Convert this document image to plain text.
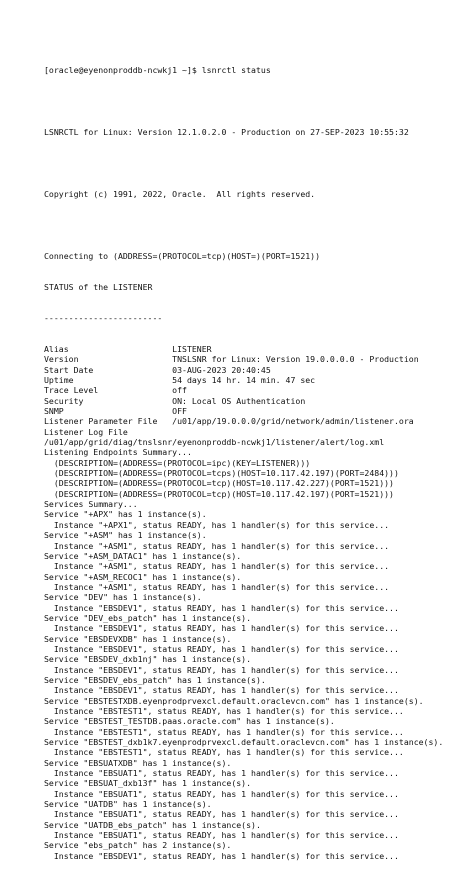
[oracle@eyenonproddb-ncwkj1 ~]$ lsnrctl status

LSNRCTL for Linux: Version 12.1.0.2.0 - Production on 27-SEP-2023 10:55:32

Copyright (c) 1991, 2022, Oracle.  All rights reserved.

Connecting to (ADDRESS=(PROTOCOL=tcp)(HOST=)(PORT=1521))

STATUS of the LISTENER

------------------------

Alias                     LISTENER
Version                   TNSLSNR for Linux: Version 19.0.0.0.0 - Production
Start Date                03-AUG-2023 20:40:45
Uptime                    54 days 14 hr. 14 min. 47 sec
Trace Level               off
Security                  ON: Local OS Authentication
SNMP                      OFF
Listener Parameter File   /u01/app/19.0.0.0/grid/network/admin/listener.ora
Listener Log File
/u01/app/grid/diag/tnslsnr/eyenonproddb-ncwkj1/listener/alert/log.xml
Listening Endpoints Summary...
(DESCRIPTION=(ADDRESS=(PROTOCOL=ipc)(KEY=LISTENER)))
(DESCRIPTION=(ADDRESS=(PROTOCOL=tcps)(HOST=10.117.42.197)(PORT=2484)))
(DESCRIPTION=(ADDRESS=(PROTOCOL=tcp)(HOST=10.117.42.227)(PORT=1521)))
(DESCRIPTION=(ADDRESS=(PROTOCOL=tcp)(HOST=10.117.42.197)(PORT=1521)))
Services Summary...
Service "+APX" has 1 instance(s).
Instance "+APX1", status READY, has 1 handler(s) for this service...
Service "+ASM" has 1 instance(s).
Instance "+ASM1", status READY, has 1 handler(s) for this service...
Service "+ASM_DATAC1" has 1 instance(s).
Instance "+ASM1", status READY, has 1 handler(s) for this service...
Service "+ASM_RECOC1" has 1 instance(s).
Instance "+ASM1", status READY, has 1 handler(s) for this service...
Service "DEV" has 1 instance(s).
Instance "EBSDEV1", status READY, has 1 handler(s) for this service...
Service "DEV_ebs_patch" has 1 instance(s).
Instance "EBSDEV1", status READY, has 1 handler(s) for this service...
Service "EBSDEVXDB" has 1 instance(s).
Instance "EBSDEV1", status READY, has 1 handler(s) for this service...
Service "EBSDEV_dxb1nj" has 1 instance(s).
Instance "EBSDEV1", status READY, has 1 handler(s) for this service...
Service "EBSDEV_ebs_patch" has 1 instance(s).
Instance "EBSDEV1", status READY, has 1 handler(s) for this service...
Service "EBSTESTXDB.eyenprodprvexcl.default.oraclevcn.com" has 1 instance(s).
Instance "EBSTEST1", status READY, has 1 handler(s) for this service...
Service "EBSTEST_TESTDB.paas.oracle.com" has 1 instance(s).
Instance "EBSTEST1", status READY, has 1 handler(s) for this service...
Service "EBSTEST_dxb1k7.eyenprodprvexcl.default.oraclevcn.com" has 1 instance(s).
Instance "EBSTEST1", status READY, has 1 handler(s) for this service...
Service "EBSUATXDB" has 1 instance(s).
Instance "EBSUAT1", status READY, has 1 handler(s) for this service...
Service "EBSUAT_dxb13f" has 1 instance(s).
Instance "EBSUAT1", status READY, has 1 handler(s) for this service...
Service "UATDB" has 1 instance(s).
Instance "EBSUAT1", status READY, has 1 handler(s) for this service...
Service "UATDB_ebs_patch" has 1 instance(s).
Instance "EBSUAT1", status READY, has 1 handler(s) for this service...
Service "ebs_patch" has 2 instance(s).
Instance "EBSDEV1", status READY, has 1 handler(s) for this service...
